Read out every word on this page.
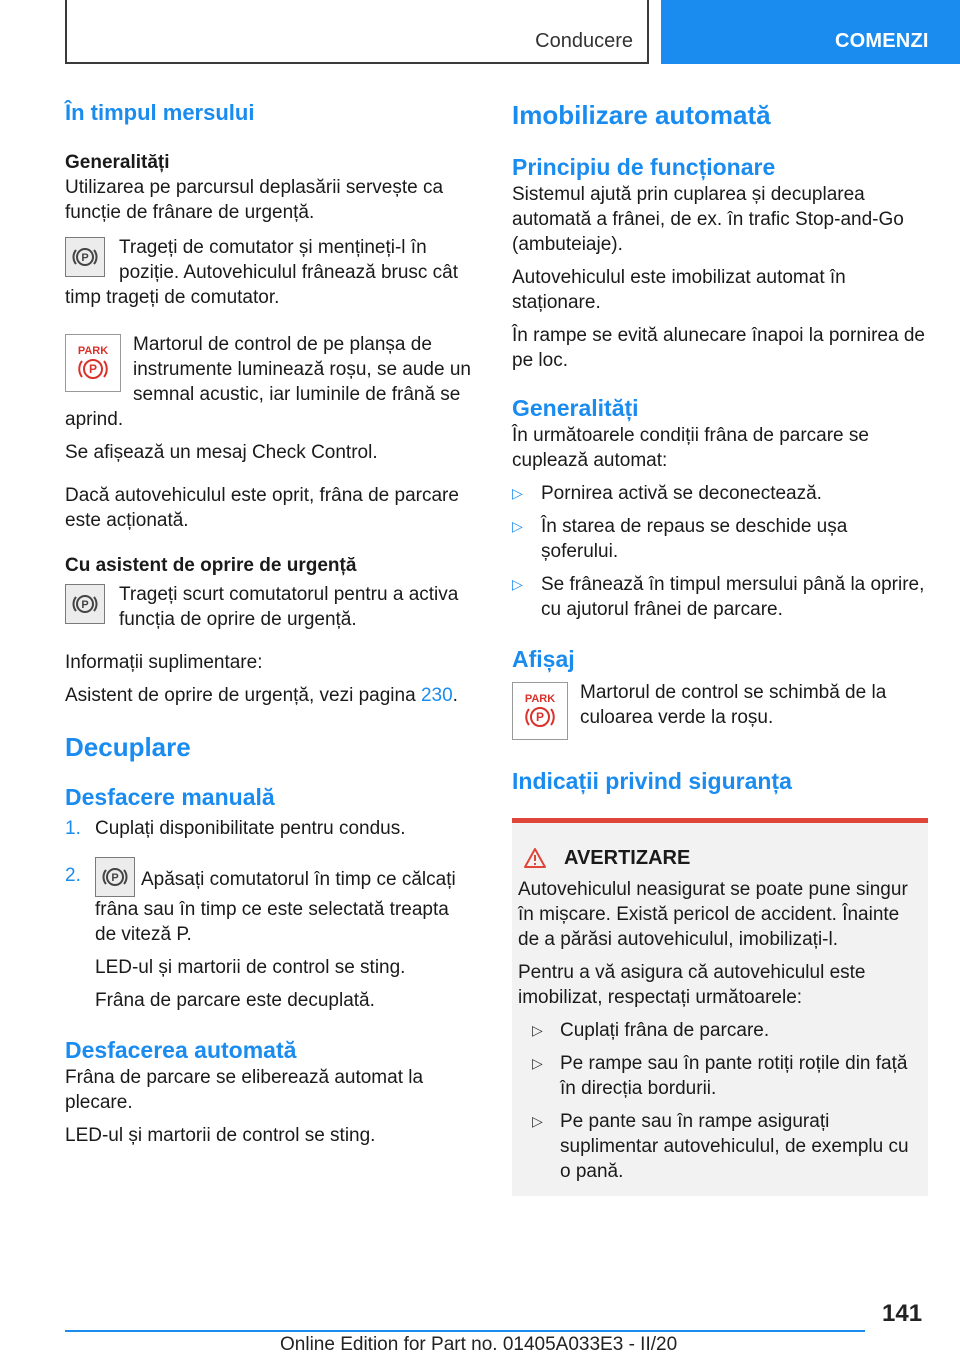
Conducere	COMENZI
În timpul mersului
Generalități

Utilizarea pe parcursul deplasării servește ca funcție de frânare de urgență.

P	Trageți de comutator și mențineți-l în poziție. Autovehiculul frânează brusc cât timp trageți de comutator.

PARK
P

Martorul de control de pe planșa de instrumente luminează roșu, se aude un semnal acustic, iar luminile de frână se aprind.

Se afișează un mesaj Check Control.

Dacă autovehiculul este oprit, frâna de parcare este acționată.

Cu asistent de oprire de urgență
P	Trageți scurt comutatorul pentru a activa funcția de oprire de urgență.

Informații suplimentare:

Asistent de oprire de urgență, vezi pagina 230.

Decuplare
Desfacere manuală
1. Cuplați disponibilitate pentru condus.

2.	P Apăsați comutatorul în timp ce călcați frâna sau în timp ce este selectată treapta de viteză P.

LED-ul și martorii de control se sting.

Frâna de parcare este decuplată.

Desfacerea automată

Frâna de parcare se eliberează automat la plecare.

LED-ul și martorii de control se sting.

Imobilizare automată
Principiu de funcționare

Sistemul ajută prin cuplarea și decuplarea automată a frânei, de ex. în trafic Stop-and-Go (ambuteiaje).

Autovehiculul este imobilizat automat în staționare.

În rampe se evită alunecare înapoi la pornirea de pe loc.

Generalități

În următoarele condiții frâna de parcare se cuplează automat:

▷ Pornirea activă se deconectează.

▷ În starea de repaus se deschide ușa șoferului.

▷ Se frânează în timpul mersului până la oprire, cu ajutorul frânei de parcare.

Afișaj
PARK
P

Martorul de control se schimbă de la culoarea verde la roșu.

Indicații privind siguranța
AVERTIZARE

Autovehiculul neasigurat se poate pune singur în mișcare. Există pericol de accident. Înainte de a părăsi autovehiculul, imobilizați-l.

Pentru a vă asigura că autovehiculul este imobilizat, respectați următoarele:

▷ Cuplați frâna de parcare.

▷ Pe rampe sau în pante rotiți roțile din față în direcția bordurii.

▷ Pe pante sau în rampe asigurați suplimentar autovehiculul, de exemplu cu o pană.

141
Online Edition for Part no. 01405A033E3 - II/20
